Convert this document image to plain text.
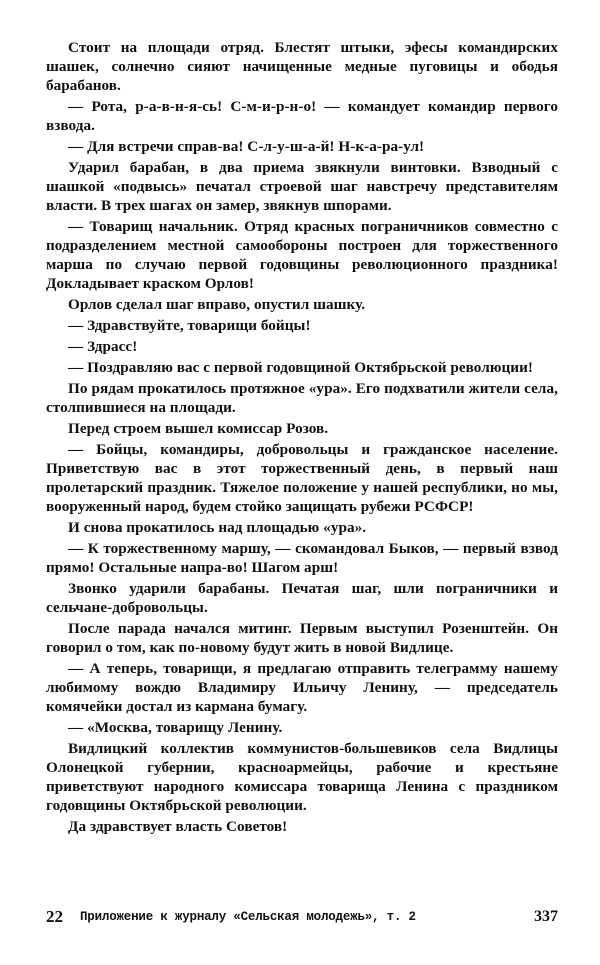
Стоит на площади отряд. Блестят штыки, эфесы командирских шашек, солнечно сияют начищенные медные пуговицы и ободья барабанов.

— Рота, р-а-в-н-я-сь! С-м-и-р-н-о! — командует командир первого взвода.

— Для встречи спрaв-ва! С-л-у-ш-а-й! Н-к-а-ра-ул!

Ударил барабан, в два приема звякнули винтовки. Взводный с шашкой «подвысь» печатал строевой шаг навстречу представителям власти. В трех шагах он замер, звякнув шпорами.

— Товарищ начальник. Отряд красных пограничников совместно с подразделением местной самообороны построен для торжественного марша по случаю первой годовщины революционного праздника! Докладывает краском Орлов!

Орлов сделал шаг вправо, опустил шашку.

— Здравствуйте, товарищи бойцы!

— Здрасс!

— Поздравляю вас с первой годовщиной Октябрьской революции!

По рядам прокатилось протяжное «ура». Его подхватили жители села, столпившиеся на площади.

Перед строем вышел комиссар Розов.

— Бойцы, командиры, добровольцы и гражданское население. Приветствую вас в этот торжественный день, в первый наш пролетарский праздник. Тяжелое положение у нашей республики, но мы, вооруженный народ, будем стойко защищать рубежи РСФСР!

И снова прокатилось над площадью «ура».

— К торжественному маршу, — скомандовал Быков, — первый взвод прямо! Остальные напра-во! Шагом арш!

Звонко ударили барабаны. Печатая шаг, шли пограничники и сельчане-добровольцы.

После парада начался митинг. Первым выступил Розенштейн. Он говорил о том, как по-новому будут жить в новой Видлице.

— А теперь, товарищи, я предлагаю отправить телеграмму нашему любимому вождю Владимиру Ильичу Ленину, — председатель комячейки достал из кармана бумагу.

— «Москва, товарищу Ленину.

Видлицкий коллектив коммунистов-большевиков села Видлицы Олонецкой губернии, красноармейцы, рабочие и крестьяне приветствуют народного комиссара товарища Ленина с праздником годовщины Октябрьской революции.

Да здравствует власть Советов!

22 Приложение к журналу «Сельская молодежь», т. 2	337
